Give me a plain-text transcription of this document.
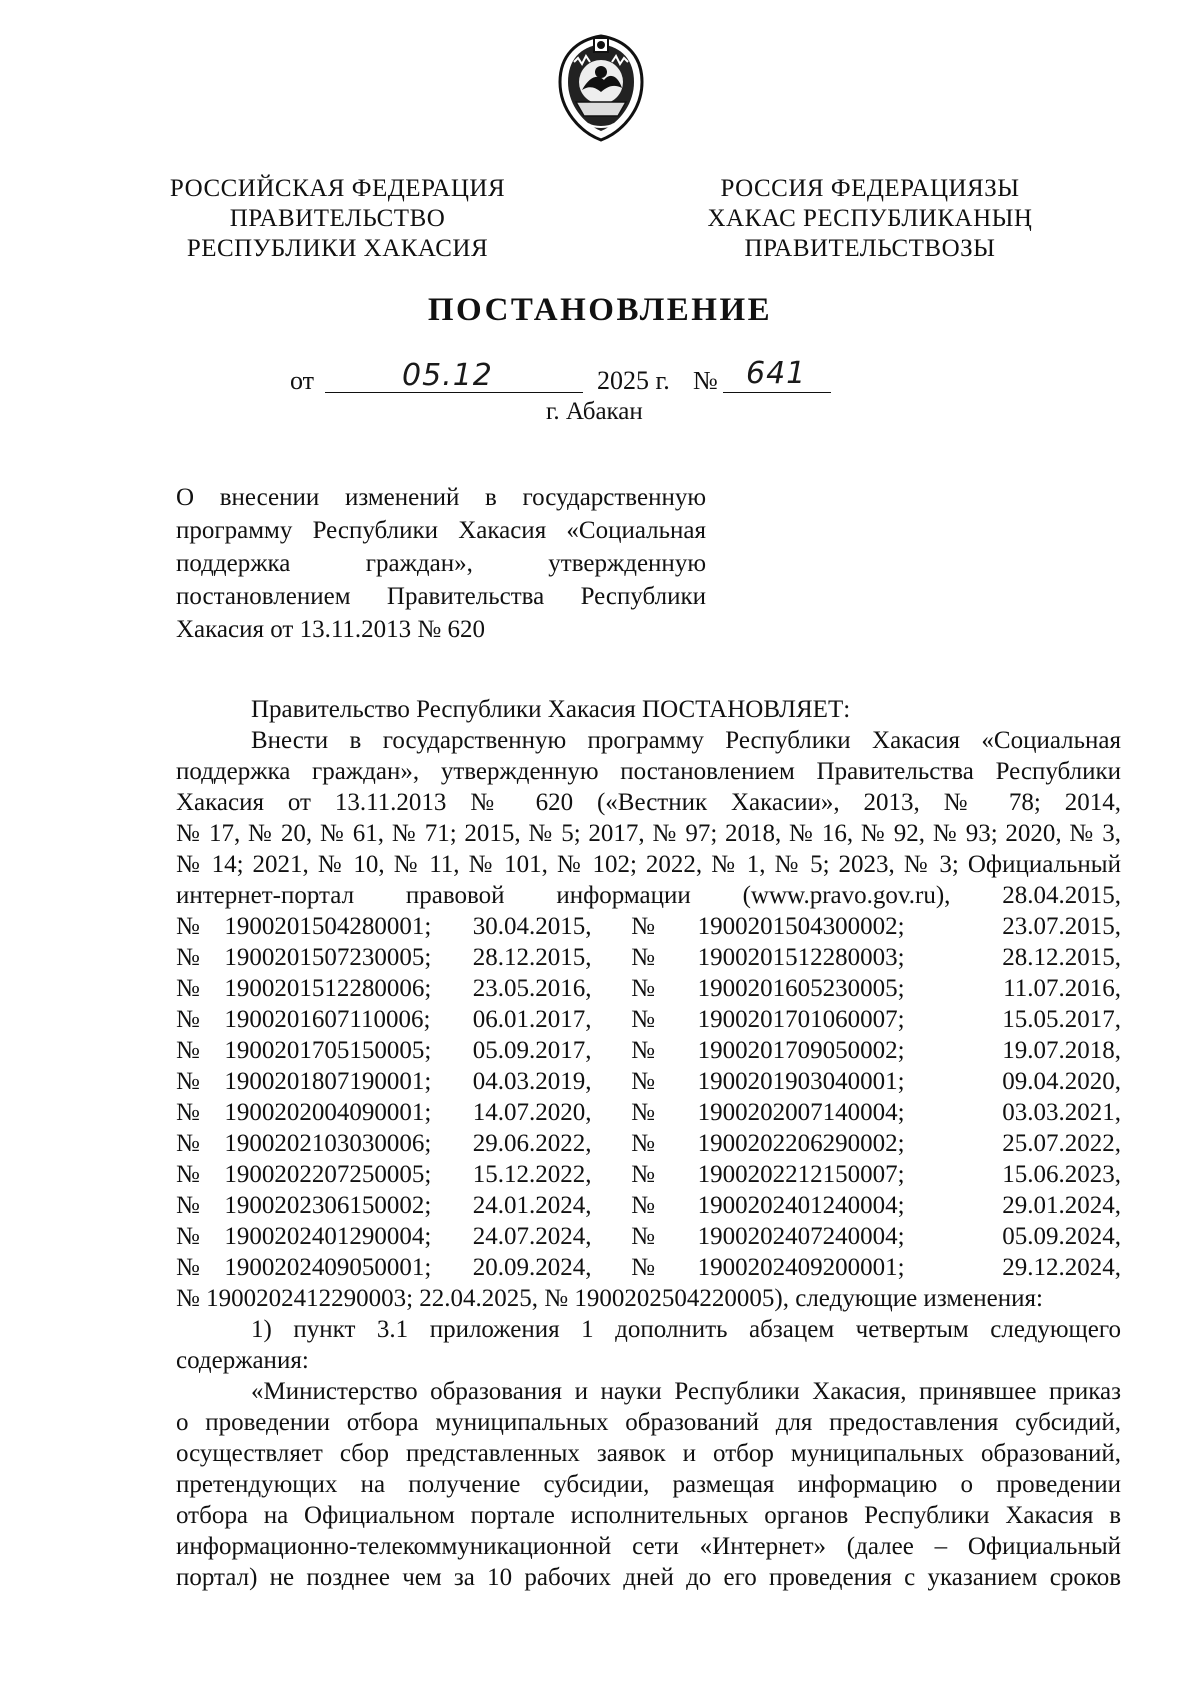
РОССИЙСКАЯ ФЕДЕРАЦИЯ
ПРАВИТЕЛЬСТВО
РЕСПУБЛИКИ ХАКАСИЯ
РОССИЯ ФЕДЕРАЦИЯЗЫ
ХАКАС РЕСПУБЛИКАНЫҢ
ПРАВИТЕЛЬСТВОЗЫ
ПОСТАНОВЛЕНИЕ
от	05.12	2025 г. № 641
г. Абакан
О внесении изменений в государственную
программу Республики Хакасия «Социальная
поддержка граждан», утвержденную
постановлением Правительства Республики
Хакасия от 13.11.2013 № 620
Правительство Республики Хакасия ПОСТАНОВЛЯЕТ:
Внести в государственную программу Республики Хакасия «Социальная
поддержка граждан», утвержденную постановлением Правительства Республики
Хакасия от 13.11.2013 № 620 («Вестник Хакасии», 2013, № 78; 2014,
№ 17, № 20, № 61, № 71; 2015, № 5; 2017, № 97; 2018, № 16, № 92, № 93; 2020, № 3,
№ 14; 2021, № 10, № 11, № 101, № 102; 2022, № 1, № 5; 2023, № 3; Официальный
интернет-портал правовой информации (www.pravo.gov.ru), 28.04.2015,
№ 1900201504280001;	30.04.2015,	№	1900201504300002;	23.07.2015,
№ 1900201507230005;	28.12.2015,	№	1900201512280003;	28.12.2015,
№ 1900201512280006;	23.05.2016,	№	1900201605230005;	11.07.2016,
№ 1900201607110006;	06.01.2017,	№	1900201701060007;	15.05.2017,
№ 1900201705150005;	05.09.2017,	№	1900201709050002;	19.07.2018,
№ 1900201807190001;	04.03.2019,	№	1900201903040001;	09.04.2020,
№ 1900202004090001;	14.07.2020,	№	1900202007140004;	03.03.2021,
№ 1900202103030006;	29.06.2022,	№	1900202206290002;	25.07.2022,
№ 1900202207250005;	15.12.2022,	№	1900202212150007;	15.06.2023,
№ 1900202306150002;	24.01.2024,	№	1900202401240004;	29.01.2024,
№ 1900202401290004;	24.07.2024,	№	1900202407240004;	05.09.2024,
№ 1900202409050001;	20.09.2024,	№	1900202409200001;	29.12.2024,
№ 1900202412290003; 22.04.2025, № 1900202504220005), следующие изменения:
1) пункт 3.1 приложения 1 дополнить абзацем четвертым следующего
содержания:
«Министерство образования и науки Республики Хакасия, принявшее приказ
о проведении отбора муниципальных образований для предоставления субсидий,
осуществляет сбор представленных заявок и отбор муниципальных образований,
претендующих на получение субсидии, размещая информацию о проведении
отбора на Официальном портале исполнительных органов Республики Хакасия в
информационно-телекоммуникационной сети «Интернет» (далее – Официальный
портал) не позднее чем за 10 рабочих дней до его проведения с указанием сроков
